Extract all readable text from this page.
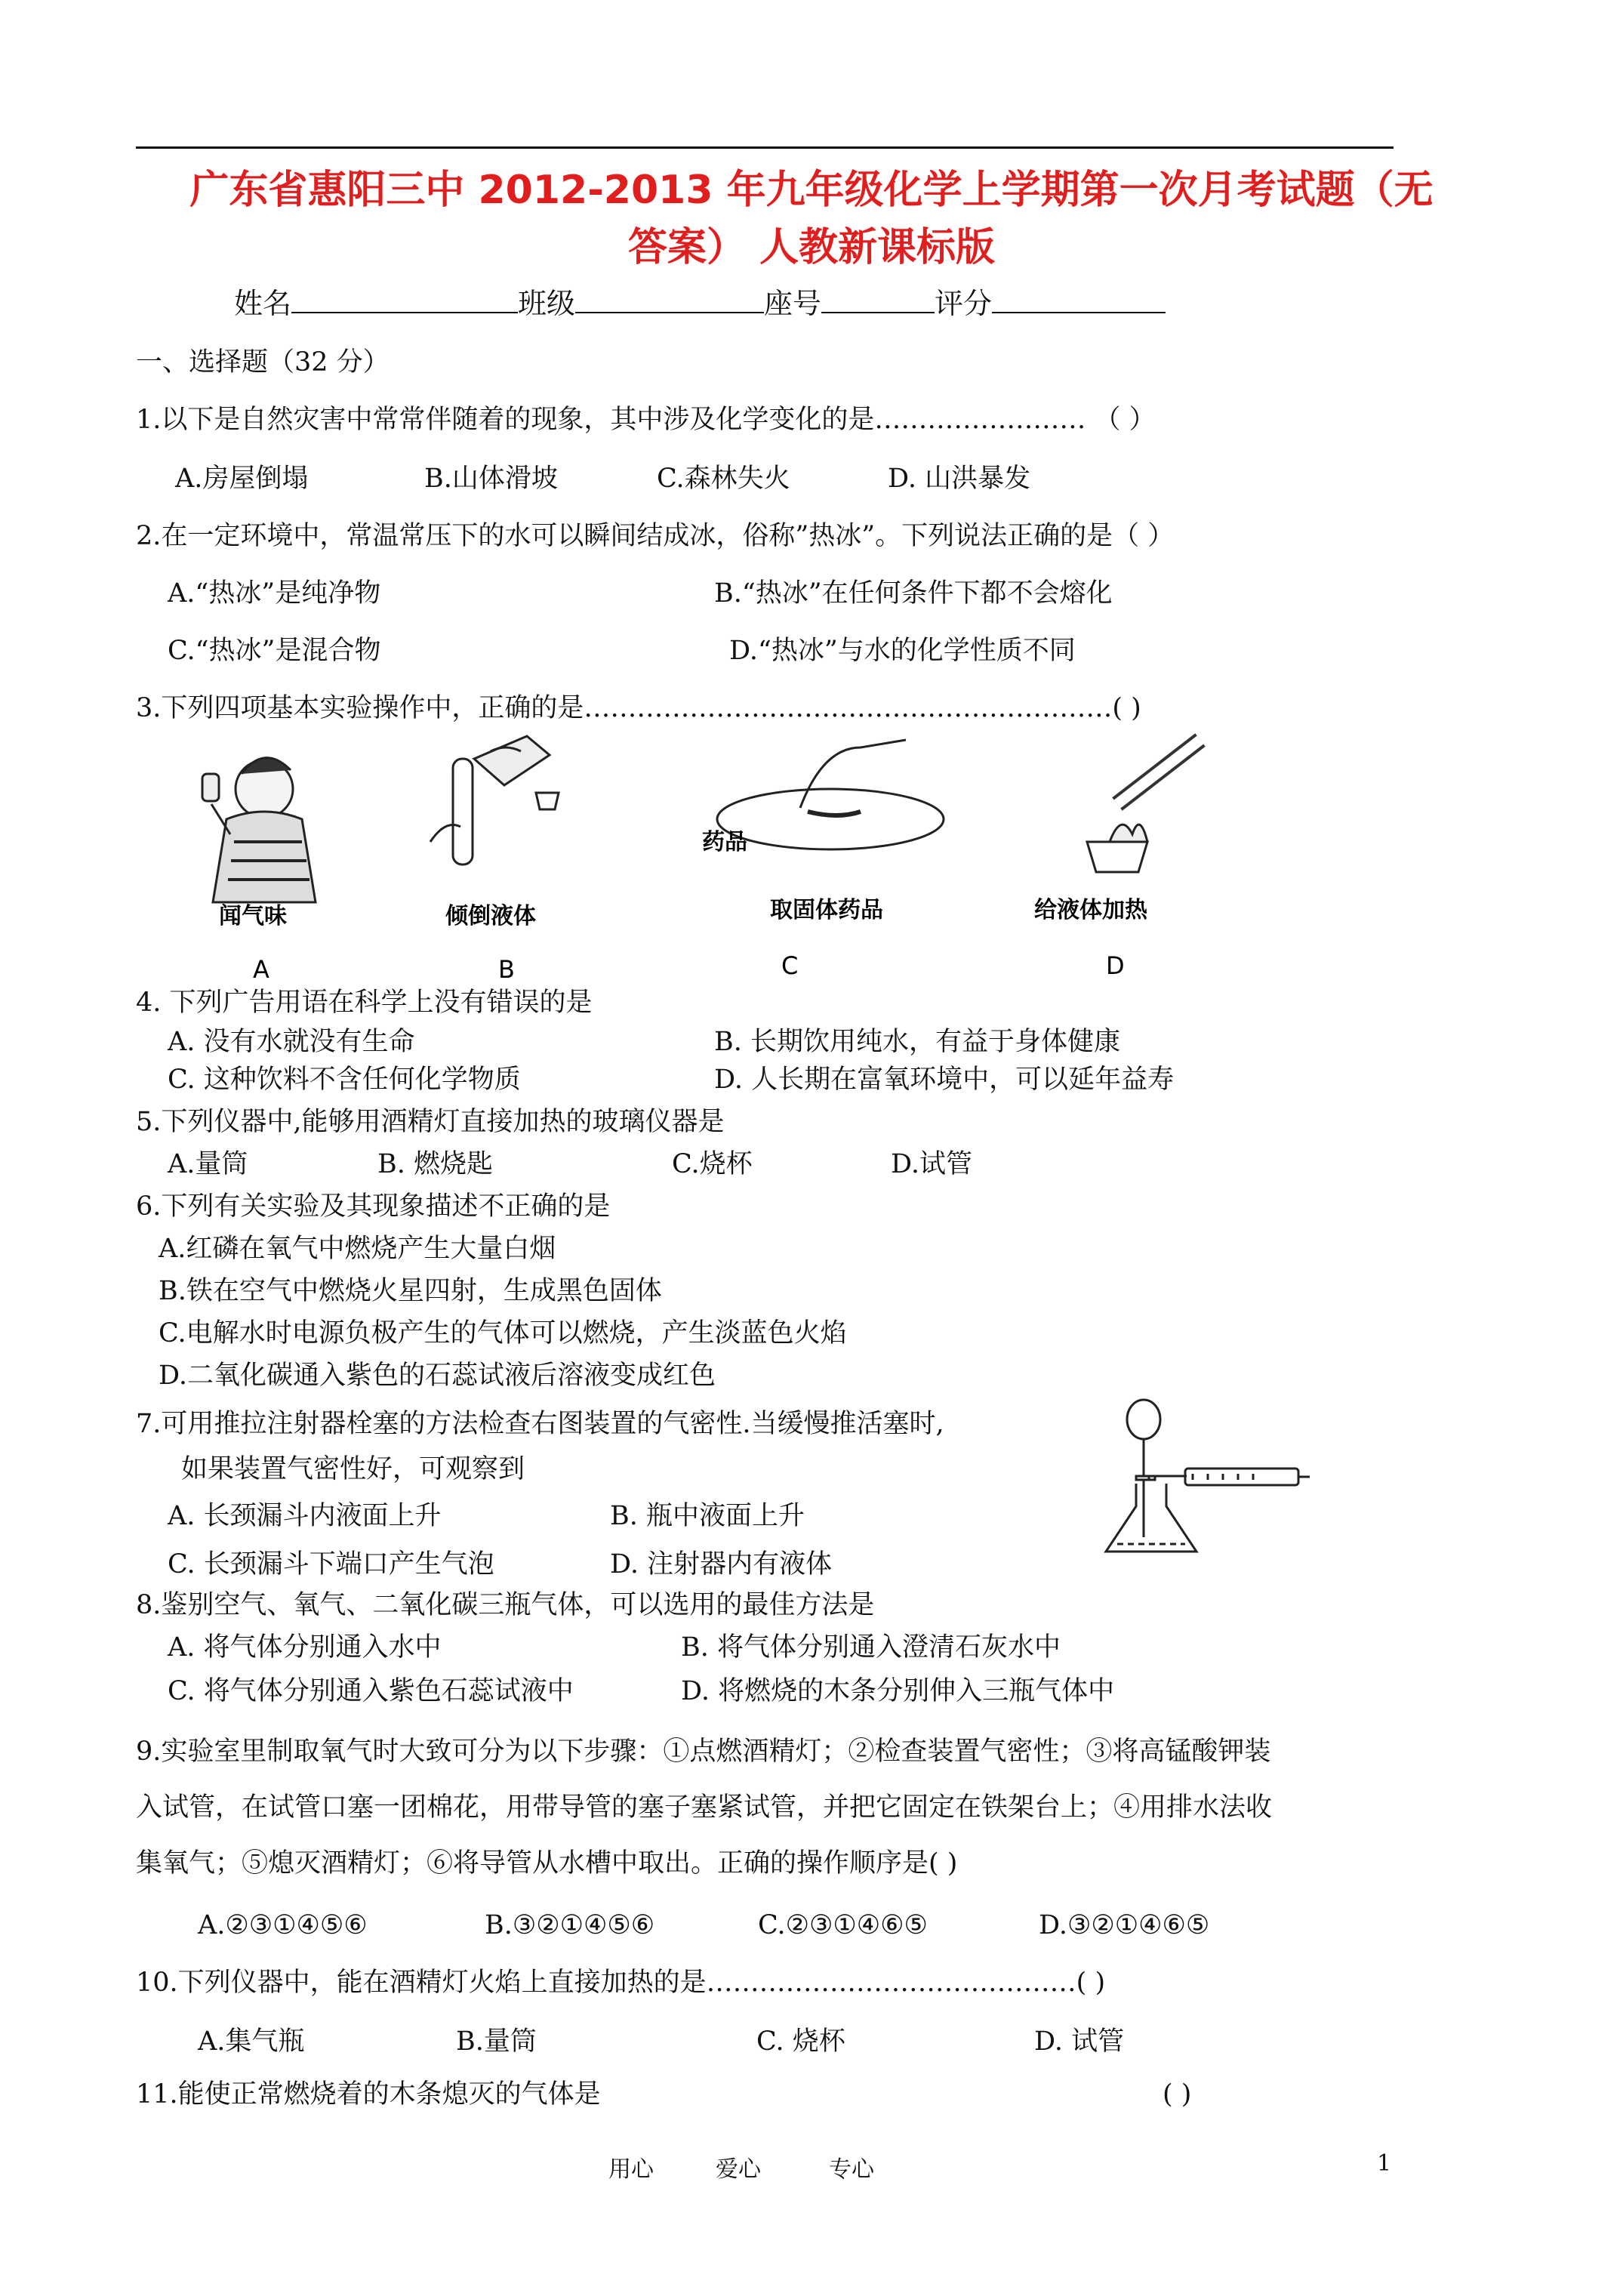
广东省惠阳三中 2012-2013 年九年级化学上学期第一次月考试题（无
答案） 人教新课标版
姓名	班级	座号	评分
一、选择题（32 分）
1.以下是自然灾害中常常伴随着的现象，其中涉及化学变化的是…………………… （ ）
A.房屋倒塌	B.山体滑坡	C.森林失火	D. 山洪暴发
2.在一定环境中，常温常压下的水可以瞬间结成冰，俗称”热冰”。下列说法正确的是（ ）
A.“热冰”是纯净物	B.“热冰”在任何条件下都不会熔化
C.“热冰”是混合物	D.“热冰”与水的化学性质不同
3.下列四项基本实验操作中，正确的是……………………………………………………( )
药品
闻气味	倾倒液体	取固体药品	给液体加热
A	B	C	D
4. 下列广告用语在科学上没有错误的是
A. 没有水就没有生命	B. 长期饮用纯水，有益于身体健康
C. 这种饮料不含任何化学物质	D. 人长期在富氧环境中，可以延年益寿
5.下列仪器中,能够用酒精灯直接加热的玻璃仪器是
A.量筒	B. 燃烧匙	C.烧杯	D.试管
6.下列有关实验及其现象描述不正确的是
A.红磷在氧气中燃烧产生大量白烟
B.铁在空气中燃烧火星四射，生成黑色固体
C.电解水时电源负极产生的气体可以燃烧，产生淡蓝色火焰
D.二氧化碳通入紫色的石蕊试液后溶液变成红色
7.可用推拉注射器栓塞的方法检查右图装置的气密性.当缓慢推活塞时,
如果装置气密性好，可观察到
A. 长颈漏斗内液面上升	B. 瓶中液面上升
C. 长颈漏斗下端口产生气泡	D. 注射器内有液体
8.鉴别空气、氧气、二氧化碳三瓶气体，可以选用的最佳方法是
A. 将气体分别通入水中	B. 将气体分别通入澄清石灰水中
C. 将气体分别通入紫色石蕊试液中	D. 将燃烧的木条分别伸入三瓶气体中
9.实验室里制取氧气时大致可分为以下步骤：①点燃酒精灯；②检查装置气密性；③将高锰酸钾装
入试管，在试管口塞一团棉花，用带导管的塞子塞紧试管，并把它固定在铁架台上；④用排水法收
集氧气；⑤熄灭酒精灯；⑥将导管从水槽中取出。正确的操作顺序是( )
A.②③①④⑤⑥	B.③②①④⑤⑥	C.②③①④⑥⑤	D.③②①④⑥⑤
10.下列仪器中，能在酒精灯火焰上直接加热的是……………………………………( )
A.集气瓶	B.量筒	C. 烧杯	D. 试管
11.能使正常燃烧着的木条熄灭的气体是	( )
用心	爱心	专心	1
